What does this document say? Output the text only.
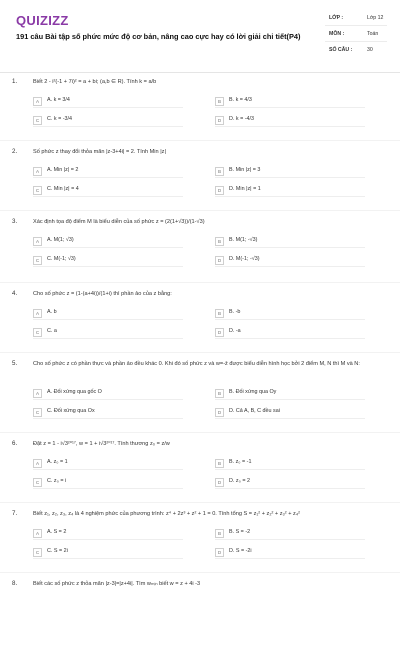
QUIZIZZ
191 câu Bài tập số phức mức độ cơ bản, nâng cao cực hay có lời giải chi tiết(P4)
LỚP :	Lớp 12
MÔN :	Toán
SỐ CÂU :	30
1.	Biết 2 - i²(-1 + 7i)² = a + bi; (a,b ∈ R). Tính k = a/b
A	A. k = 3/4	B	B. k = 4/3
C	C. k = -3/4	D	D. k = -4/3
2.	Số phức z thay đổi thỏa mãn |z-3+4i| = 2. Tính Min |z|
A	A. Min |z| = 2	B	B. Min |z| = 3
C	C. Min |z| = 4	D	D. Min |z| = 1
3.	Xác định tọa độ điểm M là biểu diễn của số phức z = (2(1+√3))/(1-√3)
A	A. M(1; √3)	B	B. M(1; -√3)
C	C. M(-1; √3)	D	D. M(-1; -√3)
4.	Cho số phức z = (1-(a+4i))/(1+i) thì phần ảo của z bằng:
A	A. b	B	B. -b
C	C. a	D	D. -a
5.	Cho số phức z có phần thực và phần ảo đều khác 0. Khi đó số phức z và w=-z̄ được biểu diễn hình học bởi 2 điểm M, N thì M và N:
A	A. Đối xứng qua gốc O	B	B. Đối xứng qua Oy
C	C. Đối xứng qua Ox	D	D. Cả A, B, C đều sai
6.	Đặt z = 1 - i√3²⁰¹⁷, w = 1 + i√3²⁰¹⁷. Tính thương z₀ = z/w
A	A. z₀ = 1	B	B. z₀ = -1
C	C. z₀ = i	D	D. z₀ = 2
7.	Biết z₁, z₂, z₃, z₄ là 4 nghiệm phức của phương trình: z⁴ + 2z³ + z² + 1 = 0. Tính tổng S = z₁² + z₂² + z₃² + z₄²
A	A. S = 2	B	B. S = -2
C	C. S = 2i	D	D. S = -2i
8.	Biết các số phức z thỏa mãn |z-3|=|z+4i|. Tìm wₘᵢₙ biết w = z + 4i -3
